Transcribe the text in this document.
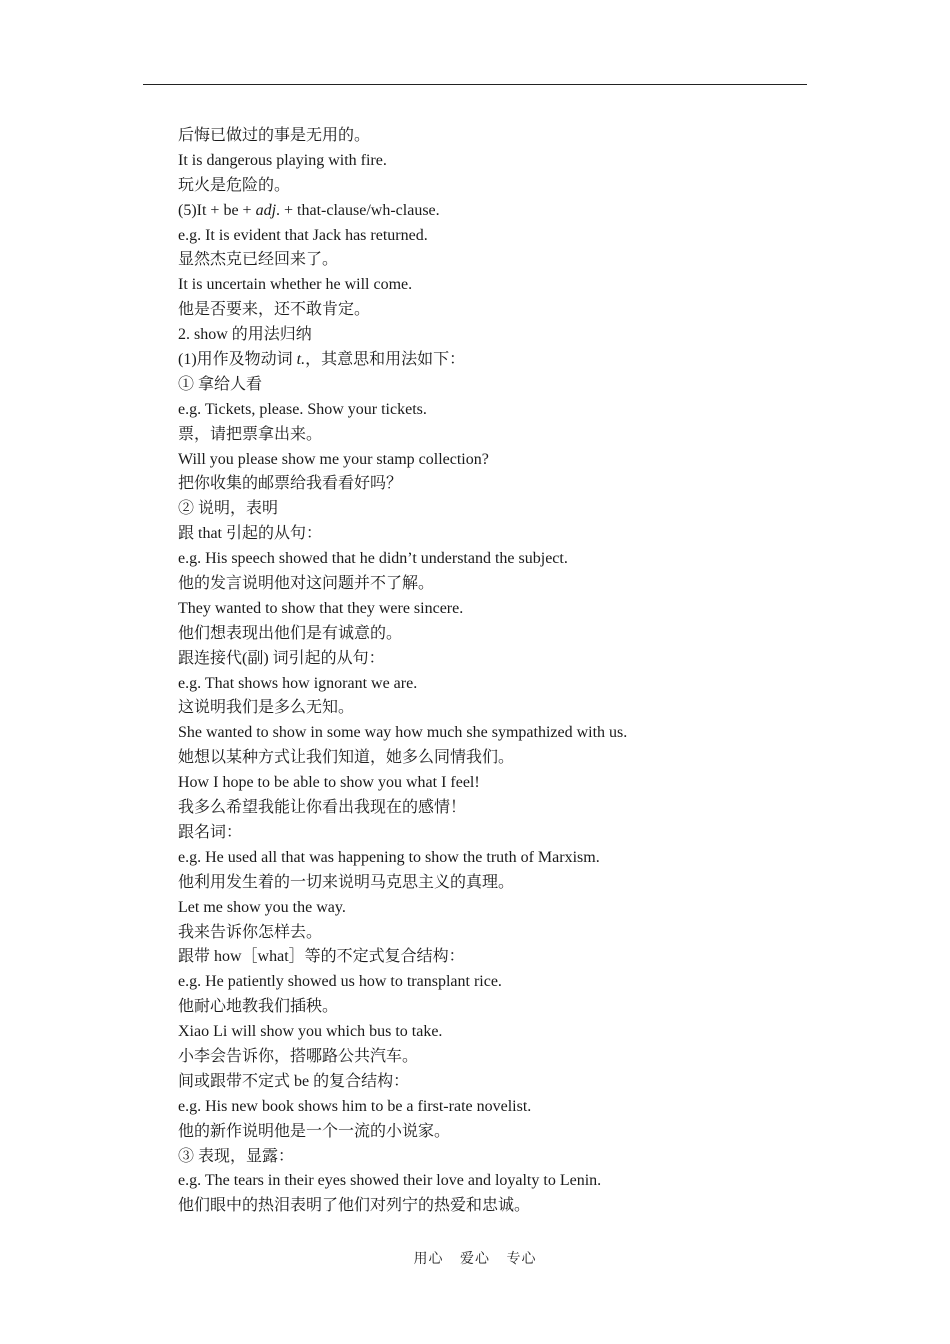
后悔已做过的事是无用的。
It is dangerous playing with fire.
玩火是危险的。
(5)It + be + adj. + that-clause/wh-clause.
e.g. It is evident that Jack has returned.
显然杰克已经回来了。
It is uncertain whether he will come.
他是否要来，还不敢肯定。
2. show 的用法归纳
(1)用作及物动词 t.，其意思和用法如下：
① 拿给人看
e.g. Tickets, please. Show your tickets.
票，请把票拿出来。
Will you please show me your stamp collection?
把你收集的邮票给我看看好吗？
② 说明，表明
跟 that 引起的从句：
e.g. His speech showed that he didn’t understand the subject.
他的发言说明他对这问题并不了解。
They wanted to show that they were sincere.
他们想表现出他们是有诚意的。
跟连接代(副) 词引起的从句：
e.g. That shows how ignorant we are.
这说明我们是多么无知。
She wanted to show in some way how much she sympathized with us.
她想以某种方式让我们知道，她多么同情我们。
How I hope to be able to show you what I feel!
我多么希望我能让你看出我现在的感情！
跟名词：
e.g. He used all that was happening to show the truth of Marxism.
他利用发生着的一切来说明马克思主义的真理。
Let me show you the way.
我来告诉你怎样去。
跟带 how［what］等的不定式复合结构：
e.g. He patiently showed us how to transplant rice.
他耐心地教我们插秧。
Xiao Li will show you which bus to take.
小李会告诉你，搭哪路公共汽车。
间或跟带不定式 be 的复合结构：
e.g. His new book shows him to be a first-rate novelist.
他的新作说明他是一个一流的小说家。
③ 表现，显露：
e.g. The tears in their eyes showed their love and loyalty to Lenin.
他们眼中的热泪表明了他们对列宁的热爱和忠诚。
用心 爱心 专心
